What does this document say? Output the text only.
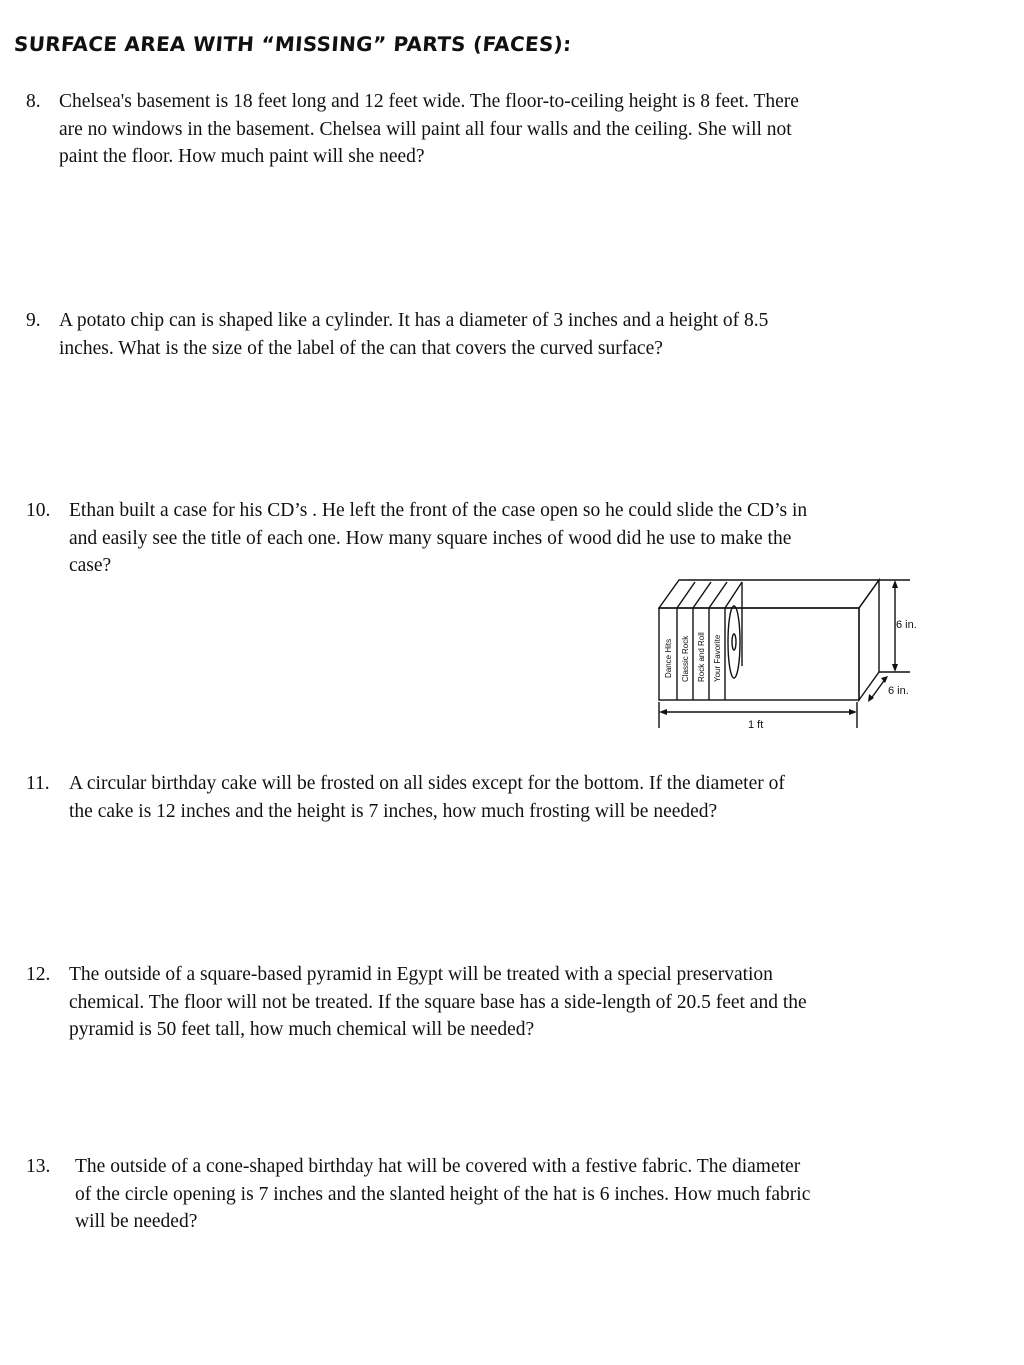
SURFACE AREA WITH “MISSING” PARTS (FACES):
8. Chelsea's basement is 18 feet long and 12 feet wide. The floor-to-ceiling height is 8 feet. There
are no windows in the basement. Chelsea will paint all four walls and the ceiling. She will not
paint the floor. How much paint will she need?
9. A potato chip can is shaped like a cylinder. It has a diameter of 3 inches and a height of 8.5
inches. What is the size of the label of the can that covers the curved surface?
10. Ethan built a case for his CD’s . He left the front of the case open so he could slide the CD’s in
and easily see the title of each one. How many square inches of wood did he use to make the
case?
6 in.
6 in.
1 ft
Dance Hits Classic Rock Rock and Roll Your Favorite
11. A circular birthday cake will be frosted on all sides except for the bottom. If the diameter of
the cake is 12 inches and the height is 7 inches, how much frosting will be needed?
12. The outside of a square-based pyramid in Egypt will be treated with a special preservation
chemical. The floor will not be treated. If the square base has a side-length of 20.5 feet and the
pyramid is 50 feet tall, how much chemical will be needed?
13. The outside of a cone-shaped birthday hat will be covered with a festive fabric. The diameter
of the circle opening is 7 inches and the slanted height of the hat is 6 inches. How much fabric
will be needed?
